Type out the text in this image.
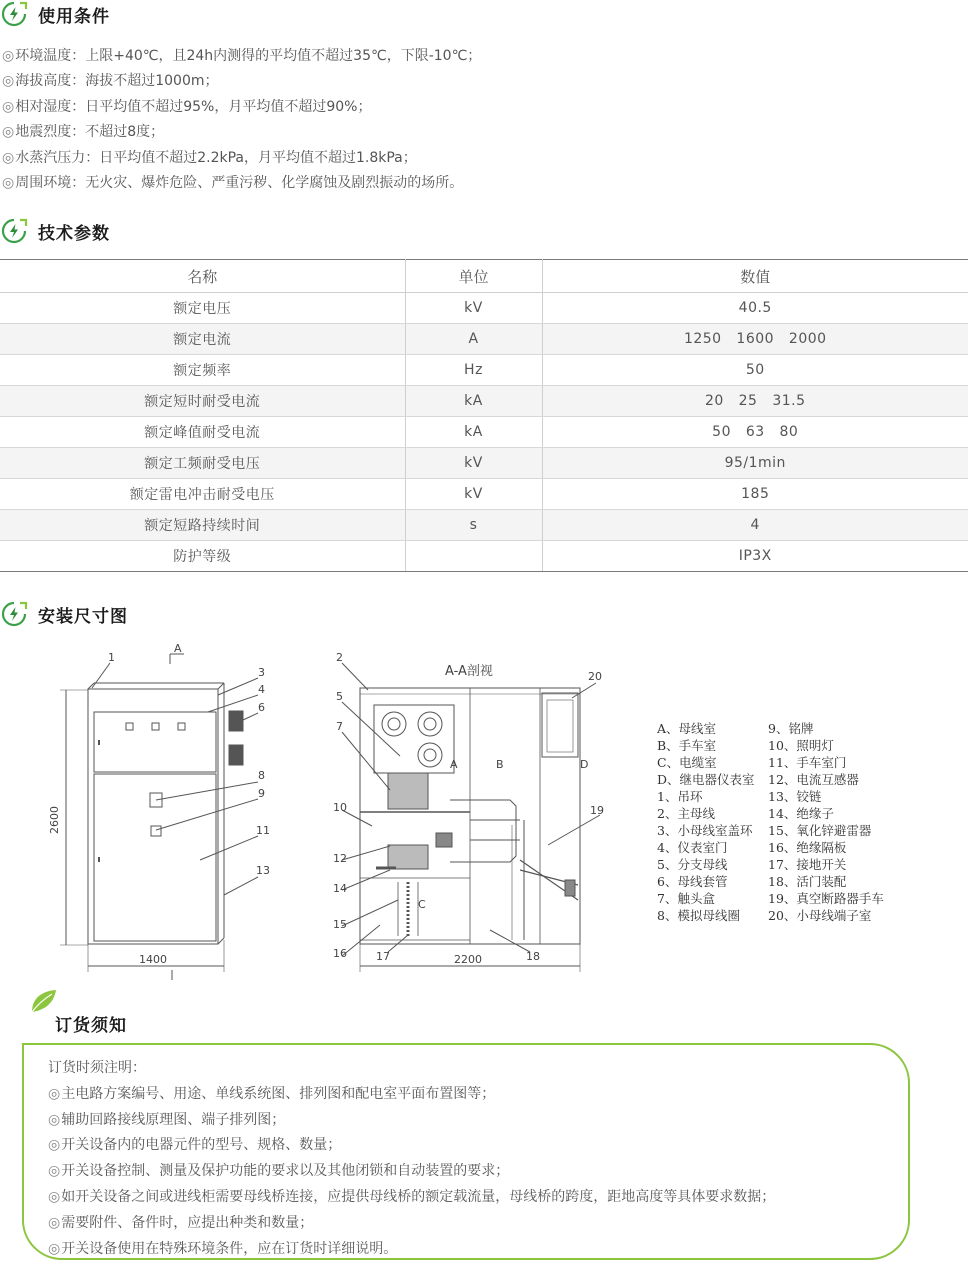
使用条件
◎环境温度：上限+40℃，且24h内测得的平均值不超过35℃，下限-10℃；
◎海拔高度：海拔不超过1000m；
◎相对湿度：日平均值不超过95%，月平均值不超过90%；
◎地震烈度：不超过8度；
◎水蒸汽压力：日平均值不超过2.2kPa，月平均值不超过1.8kPa；
◎周围环境：无火灾、爆炸危险、严重污秽、化学腐蚀及剧烈振动的场所。
技术参数
名称	单位	数值
额定电压	kV	40.5
额定电流	A	1250   1600   2000
额定频率	Hz	50
额定短时耐受电流	kA	20   25   31.5
额定峰值耐受电流	kA	50   63   80
额定工频耐受电压	kV	95/1min
额定雷电冲击耐受电压	kV	185
额定短路持续时间	s	4
防护等级		IP3X
安装尺寸图
2600
1400
A
1
3
4
6
8
9
11
13
A	B
C
D
A-A剖视
2200
2
5
7
10
12
14
15
16	17	18
19
20
A、母线室
B、手车室
C、电缆室
D、继电器仪表室
1、吊环
2、主母线
3、小母线室盖环
4、仪表室门
5、分支母线
6、母线套管
7、触头盒
8、模拟母线圈
9、铭牌
10、照明灯
11、手车室门
12、电流互感器
13、铰链
14、绝缘子
15、氧化锌避雷器
16、绝缘隔板
17、接地开关
18、活门装配
19、真空断路器手车
20、小母线端子室
订货须知
订货时须注明：
◎主电路方案编号、用途、单线系统图、排列图和配电室平面布置图等；
◎辅助回路接线原理图、端子排列图；
◎开关设备内的电器元件的型号、规格、数量；
◎开关设备控制、测量及保护功能的要求以及其他闭锁和自动装置的要求；
◎如开关设备之间或进线柜需要母线桥连接，应提供母线桥的额定载流量，母线桥的跨度，距地高度等具体要求数据；
◎需要附件、备件时，应提出种类和数量；
◎开关设备使用在特殊环境条件，应在订货时详细说明。
